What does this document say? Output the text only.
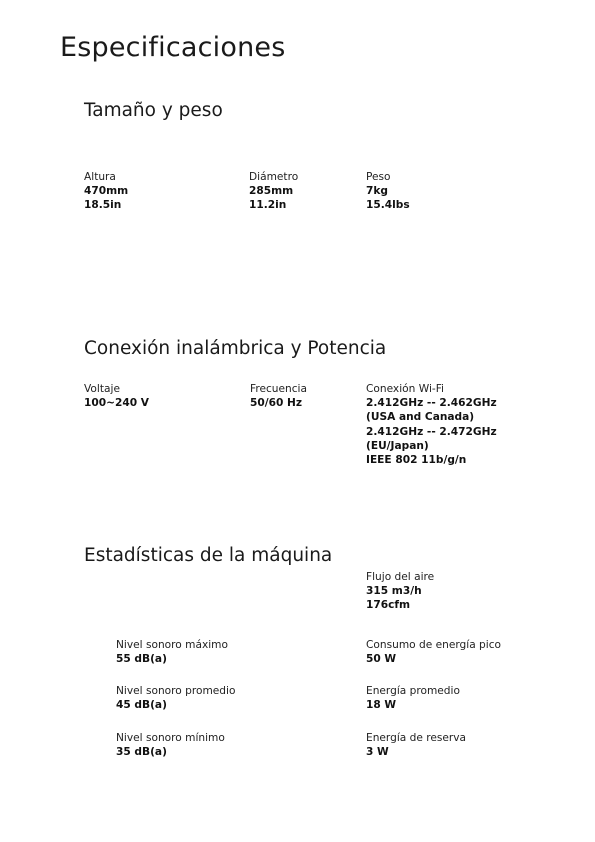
Especificaciones
Tamaño y peso
Altura
470mm
18.5in
Diámetro
285mm
11.2in
Peso
7kg
15.4lbs
Conexión inalámbrica y Potencia
Voltaje
100~240 V
Frecuencia
50/60 Hz
Conexión Wi-Fi
2.412GHz -- 2.462GHz
(USA and Canada)
2.412GHz -- 2.472GHz
(EU/Japan)
IEEE 802 11b/g/n
Estadísticas de la máquina
Flujo del aire
315 m3/h
176cfm
Nivel sonoro máximo
55 dB(a)
Consumo de energía pico
50 W
Nivel sonoro promedio
45 dB(a)
Energía promedio
18 W
Nivel sonoro mínimo
35 dB(a)
Energía de reserva
3 W
